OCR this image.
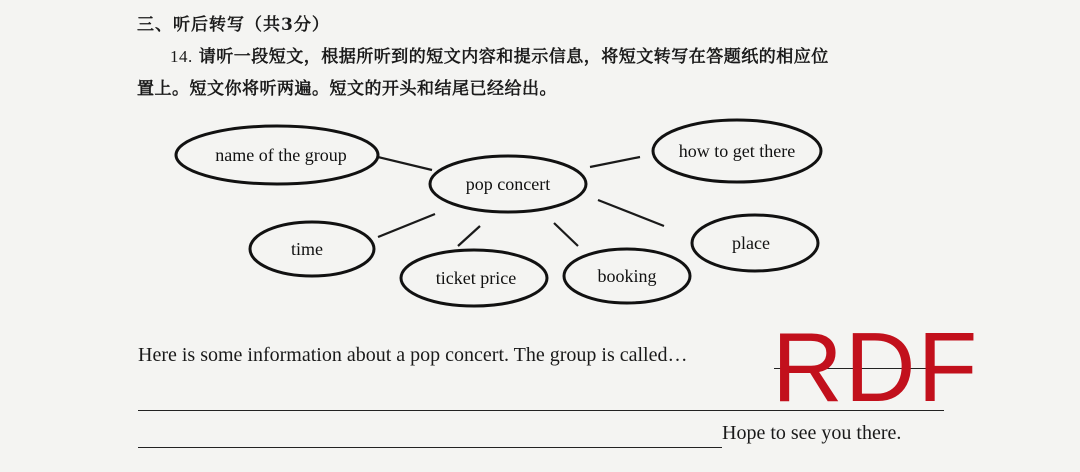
三、听后转写（共3分）
14. 请听一段短文，根据所听到的短文内容和提示信息，将短文转写在答题纸的相应位
置上。短文你将听两遍。短文的开头和结尾已经给出。
name of the group
pop concert
how to get there
time
ticket price	booking
place
Here is some information about a pop concert. The group is called…
Hope to see you there.
RDF
